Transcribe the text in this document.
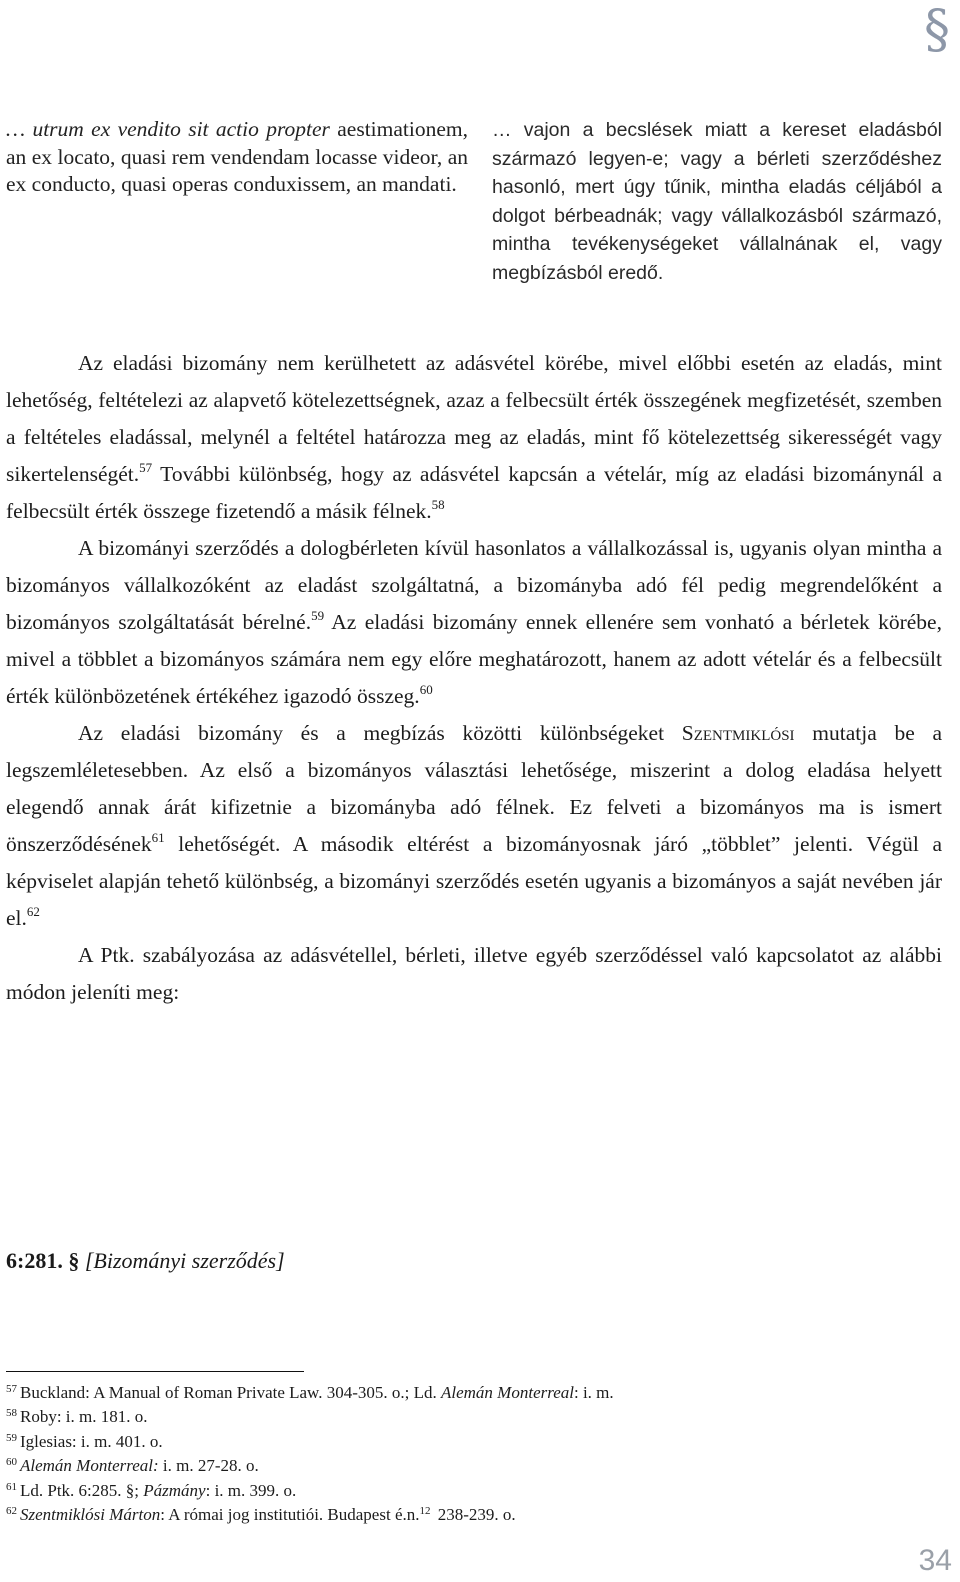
§
… utrum ex vendito sit actio propter aestimationem, an ex locato, quasi rem vendendam locasse videor, an ex conducto, quasi operas conduxissem, an mandati.
… vajon a becslések miatt a kereset eladásból származó legyen-e; vagy a bérleti szerződéshez hasonló, mert úgy tűnik, mintha eladás céljából a dolgot bérbeadnák; vagy vállalkozásból származó, mintha tevékenységeket vállalnának el, vagy megbízásból eredő.

Az eladási bizomány nem kerülhetett az adásvétel körébe, mivel előbbi esetén az eladás, mint lehetőség, feltételezi az alapvető kötelezettségnek, azaz a felbecsült érték összegének megfizetését, szemben a feltételes eladással, melynél a feltétel határozza meg az eladás, mint fő kötelezettség sikerességét vagy sikertelenségét.$^{57}$ További különbség, hogy az adásvétel kapcsán a vételár, míg az eladási bizománynál a felbecsült érték összege fizetendő a másik félnek.$^{58}$

A bizományi szerződés a dologbérleten kívül hasonlatos a vállalkozással is, ugyanis olyan mintha a bizományos vállalkozóként az eladást szolgáltatná, a bizományba adó fél pedig megrendelőként a bizományos szolgáltatását bérelné.$^{59}$ Az eladási bizomány ennek ellenére sem vonható a bérletek körébe, mivel a többlet a bizományos számára nem egy előre meghatározott, hanem az adott vételár és a felbecsült érték különbözetének értékéhez igazodó összeg.$^{60}$

Az eladási bizomány és a megbízás közötti különbségeket Szentmiklósi mutatja be a legszemléletesebben. Az első a bizományos választási lehetősége, miszerint a dolog eladása helyett elegendő annak árát kifizetnie a bizományba adó félnek. Ez felveti a bizományos ma is ismert önszerződésének$^{61}$ lehetőségét. A második eltérést a bizományosnak járó „többlet” jelenti. Végül a képviselet alapján tehető különbség, a bizományi szerződés esetén ugyanis a bizományos a saját nevében jár el.$^{62}$

A Ptk. szabályozása az adásvétellel, bérleti, illetve egyéb szerződéssel való kapcsolatot az alábbi módon jeleníti meg:

6:281. § [Bizományi szerződés]
$^{57}$ Buckland: A Manual of Roman Private Law. 304-305. o.; Ld. Alemán Monterreal: i. m.
$^{58}$ Roby: i. m. 181. o.
$^{59}$ Iglesias: i. m. 401. o.
$^{60}$ Alemán Monterreal: i. m. 27-28. o.
$^{61}$ Ld. Ptk. 6:285. §; Pázmány: i. m. 399. o.
$^{62}$ Szentmiklósi Márton: A római jog institutiói. Budapest é.n.$^{12}$ 238-239. o.
34
